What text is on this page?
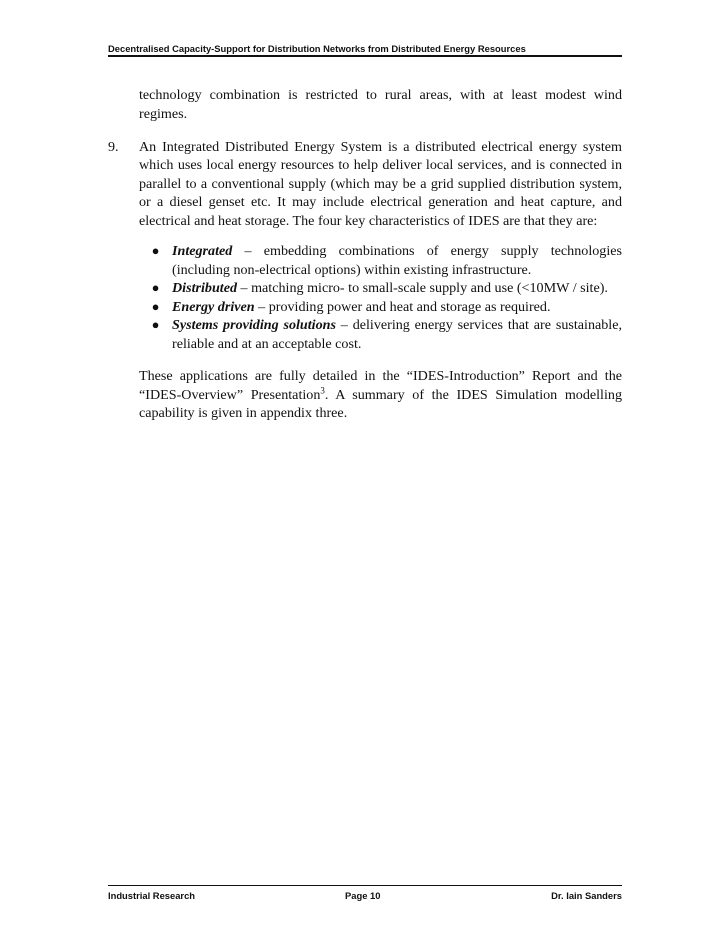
Decentralised Capacity-Support for Distribution Networks from Distributed Energy Resources

technology combination is restricted to rural areas, with at least modest wind regimes.

9.	An Integrated Distributed Energy System is a distributed electrical energy system which uses local energy resources to help deliver local services, and is connected in parallel to a conventional supply (which may be a grid supplied distribution system, or a diesel genset etc. It may include electrical generation and heat capture, and electrical and heat storage. The four key characteristics of IDES are that they are:
● Integrated – embedding combinations of energy supply technologies (including non-electrical options) within existing infrastructure.
● Distributed – matching micro- to small-scale supply and use (<10MW / site).
● Energy driven – providing power and heat and storage as required.
● Systems providing solutions – delivering energy services that are sustainable, reliable and at an acceptable cost.

These applications are fully detailed in the “IDES-Introduction” Report and the “IDES-Overview” Presentation$^3$. A summary of the IDES Simulation modelling capability is given in appendix three.

Industrial Research	Page 10	Dr. Iain Sanders
